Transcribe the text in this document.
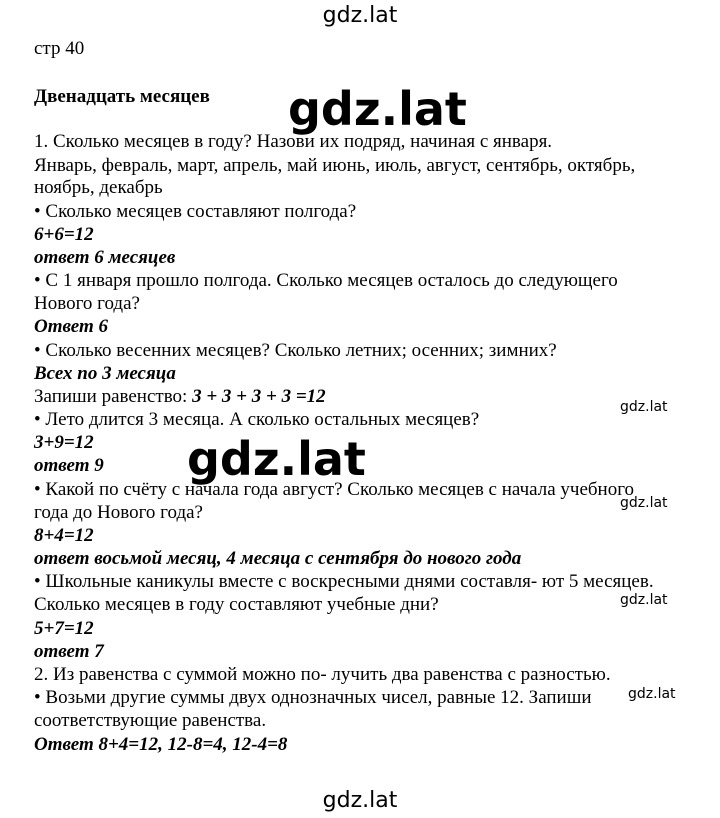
gdz.lat
стр 40
Двенадцать месяцев
1. Сколько месяцев в году? Назови их подряд, начиная с января.
Январь, февраль, март, апрель, май июнь, июль, август, сентябрь, октябрь,
ноябрь, декабрь
• Сколько месяцев составляют полгода?
6+6=12
ответ 6 месяцев
• С 1 января прошло полгода. Сколько месяцев осталось до следующего
Нового года?
Ответ 6
• Сколько весенних месяцев? Сколько летних; осенних; зимних?
Всех по 3 месяца
Запиши равенство: 3 + 3 + 3 + 3 =12
• Лето длится 3 месяца. А сколько остальных месяцев?
3+9=12
ответ 9
• Какой по счёту с начала года август? Сколько месяцев с начала учебного
года до Нового года?
8+4=12
ответ восьмой месяц, 4 месяца с сентября до нового года
• Школьные каникулы вместе с воскресными днями составля- ют 5 месяцев.
Сколько месяцев в году составляют учебные дни?
5+7=12
ответ 7
2. Из равенства с суммой можно по- лучить два равенства с разностью.
• Возьми другие суммы двух однозначных чисел, равные 12. Запиши
соответствующие равенства.
Ответ 8+4=12, 12-8=4, 12-4=8
gdz.lat
gdz.lat
gdz.lat
gdz.lat
gdz.lat
gdz.lat
gdz.lat
